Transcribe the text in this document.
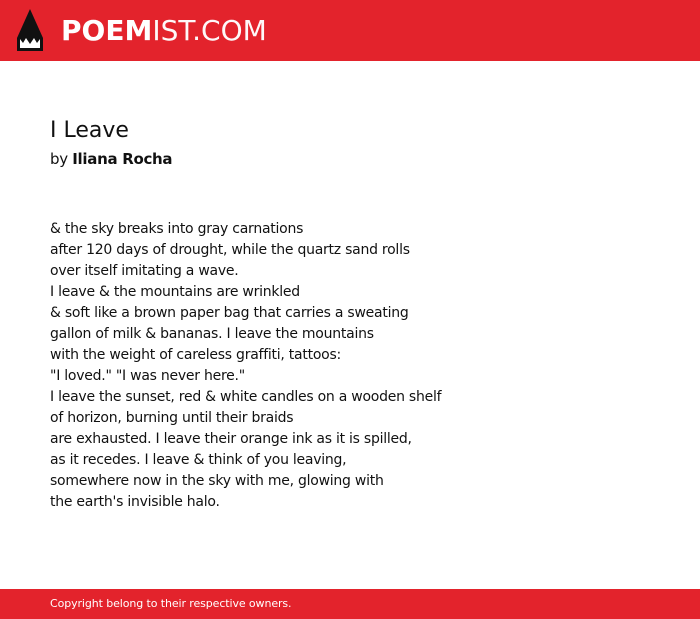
POEMIST.COM
I Leave
by Iliana Rocha
& the sky breaks into gray carnations
after 120 days of drought, while the quartz sand rolls
over itself imitating a wave.
I leave & the mountains are wrinkled
& soft like a brown paper bag that carries a sweating
gallon of milk & bananas. I leave the mountains
with the weight of careless graffiti, tattoos:
"I loved." "I was never here."
I leave the sunset, red & white candles on a wooden shelf
of horizon, burning until their braids
are exhausted. I leave their orange ink as it is spilled,
as it recedes. I leave & think of you leaving,
somewhere now in the sky with me, glowing with
the earth's invisible halo.
Copyright belong to their respective owners.
